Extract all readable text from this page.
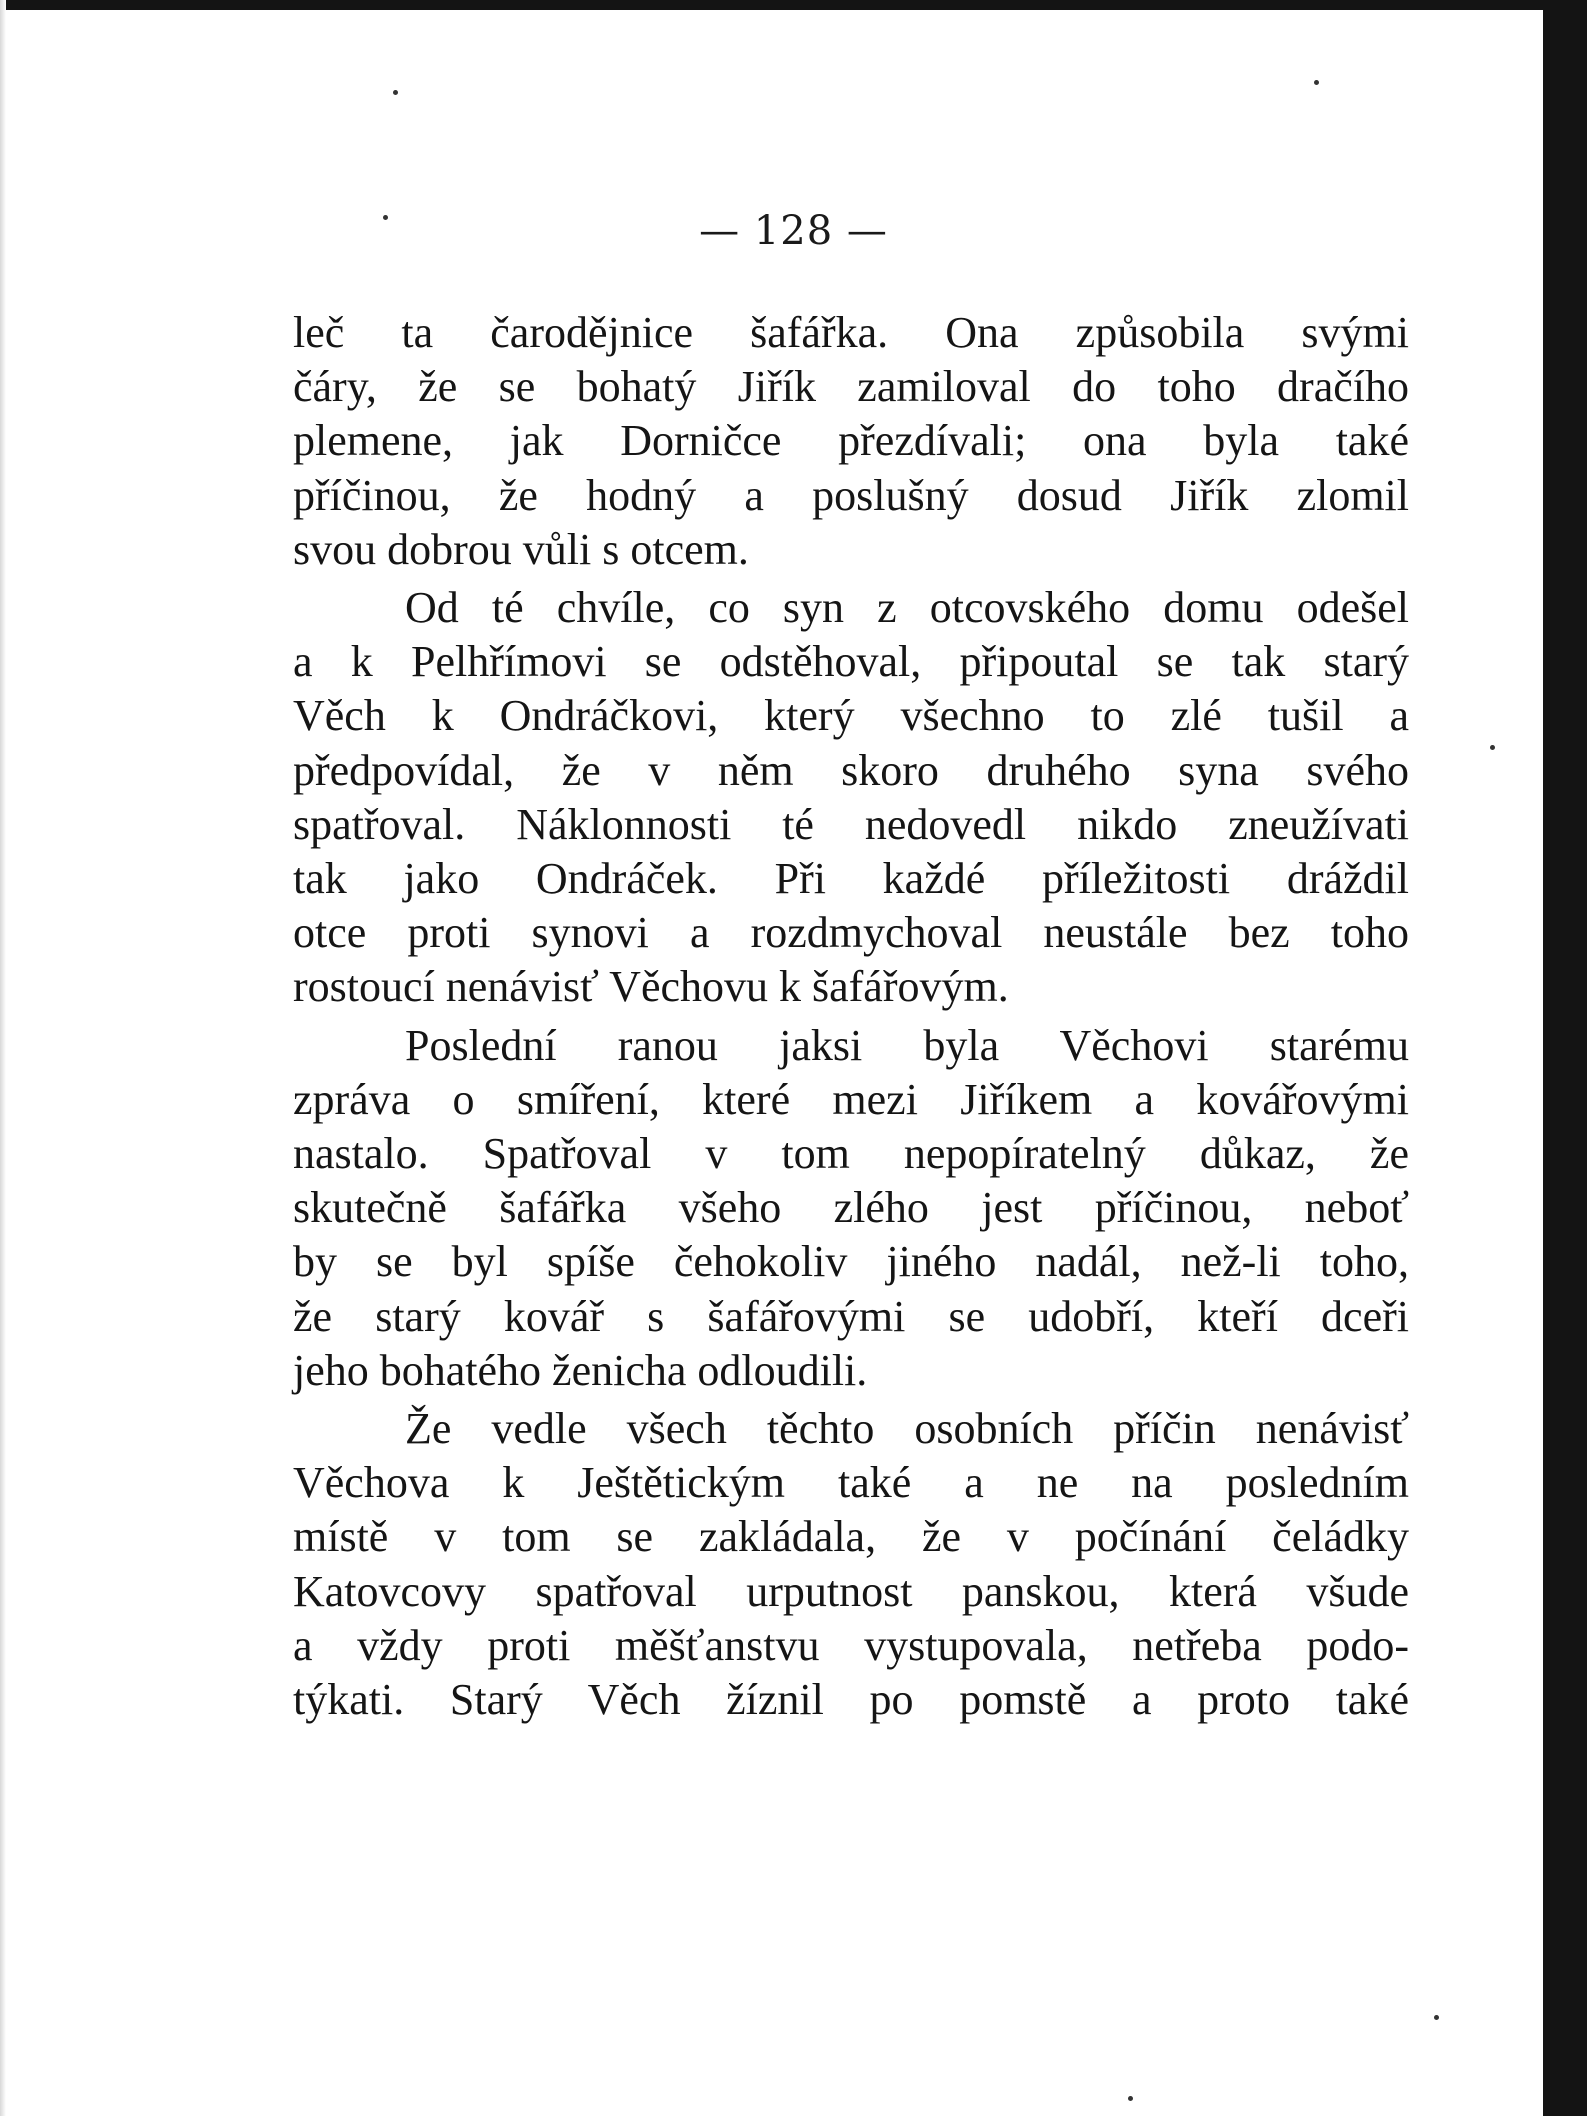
— 128 —

leč ta čarodějnice šafářka. Ona způsobila svými
čáry, že se bohatý Jiřík zamiloval do toho dračího
plemene, jak Dorničce přezdívali; ona byla také
příčinou, že hodný a poslušný dosud Jiřík zlomil
svou dobrou vůli s otcem.

Od té chvíle, co syn z otcovského domu odešel
a k Pelhřímovi se odstěhoval, připoutal se tak starý
Věch k Ondráčkovi, který všechno to zlé tušil a
předpovídal, že v něm skoro druhého syna svého
spatřoval. Náklonnosti té nedovedl nikdo zneužívati
tak jako Ondráček. Při každé příležitosti dráždil
otce proti synovi a rozdmychoval neustále bez toho
rostoucí nenávisť Věchovu k šafářovým.

Poslední ranou jaksi byla Věchovi starému
zpráva o smíření, které mezi Jiříkem a kovářovými
nastalo. Spatřoval v tom nepopíratelný důkaz, že
skutečně šafářka všeho zlého jest příčinou, neboť
by se byl spíše čehokoliv jiného nadál, než-li toho,
že starý kovář s šafářovými se udobří, kteří dceři
jeho bohatého ženicha odloudili.

Že vedle všech těchto osobních příčin nenávisť
Věchova k Ještětickým také a ne na posledním
místě v tom se zakládala, že v počínání čeládky
Katovcovy spatřoval urputnost panskou, která všude
a vždy proti měšťanstvu vystupovala, netřeba podo-
týkati. Starý Věch žíznil po pomstě a proto také
